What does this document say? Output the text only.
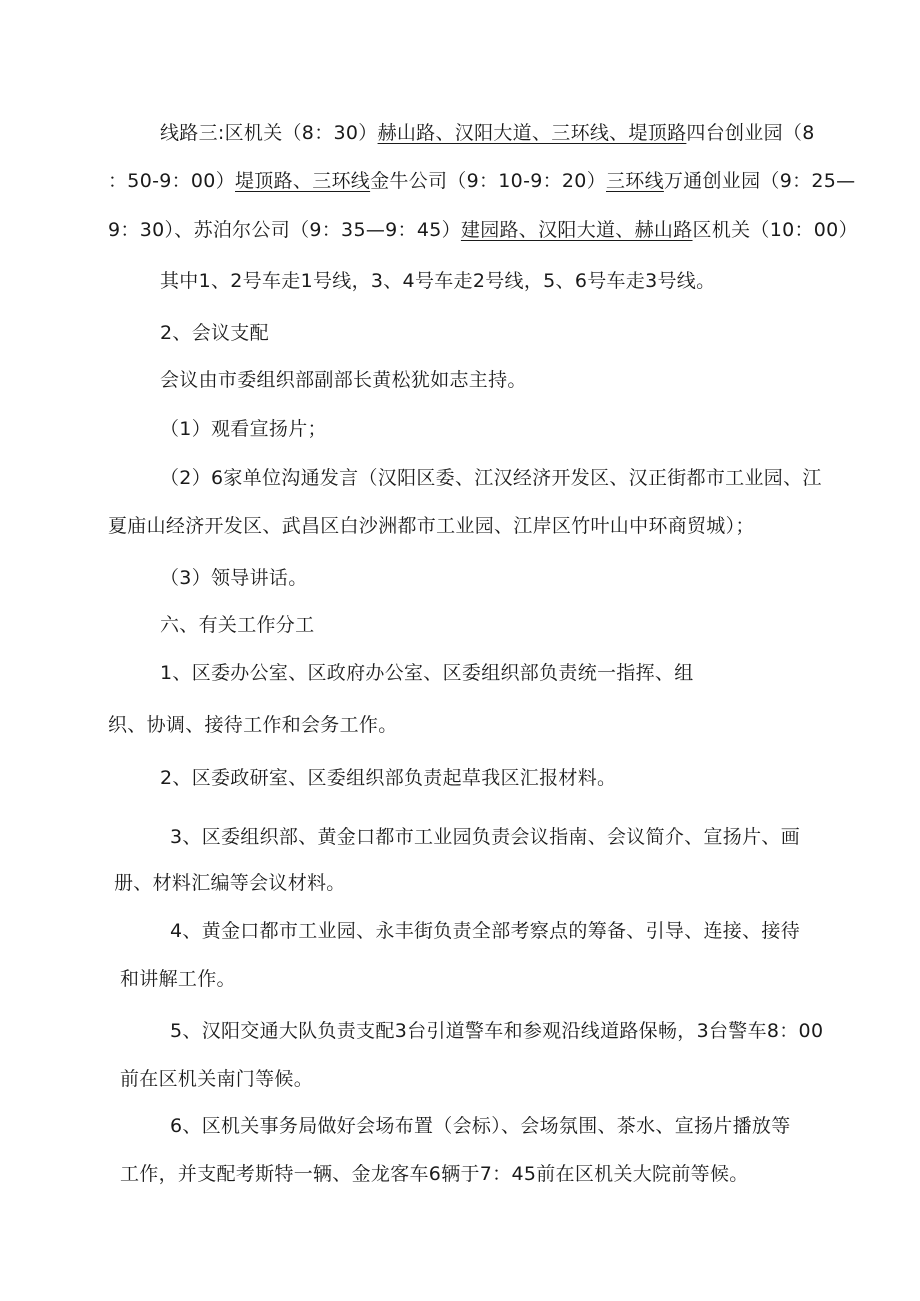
线路三:区机关（8：30）赫山路、汉阳大道、三环线、堤顶路四台创业园（8
：50-9：00）堤顶路、三环线金牛公司（9：10-9：20）三环线万通创业园（9：25—
9：30）、苏泊尔公司（9：35—9：45）建园路、汉阳大道、赫山路区机关（10：00）
其中1、2号车走1号线，3、4号车走2号线，5、6号车走3号线。
2、会议支配
会议由市委组织部副部长黄松犹如志主持。
（1）观看宣扬片；
（2）6家单位沟通发言（汉阳区委、江汉经济开发区、汉正街都市工业园、江
夏庙山经济开发区、武昌区白沙洲都市工业园、江岸区竹叶山中环商贸城）；
（3）领导讲话。
六、有关工作分工
1、区委办公室、区政府办公室、区委组织部负责统一指挥、组
织、协调、接待工作和会务工作。
2、区委政研室、区委组织部负责起草我区汇报材料。
3、区委组织部、黄金口都市工业园负责会议指南、会议简介、宣扬片、画
册、材料汇编等会议材料。
4、黄金口都市工业园、永丰街负责全部考察点的筹备、引导、连接、接待
和讲解工作。
5、汉阳交通大队负责支配3台引道警车和参观沿线道路保畅，3台警车8：00
前在区机关南门等候。
6、区机关事务局做好会场布置（会标）、会场氛围、茶水、宣扬片播放等
工作，并支配考斯特一辆、金龙客车6辆于7：45前在区机关大院前等候。
